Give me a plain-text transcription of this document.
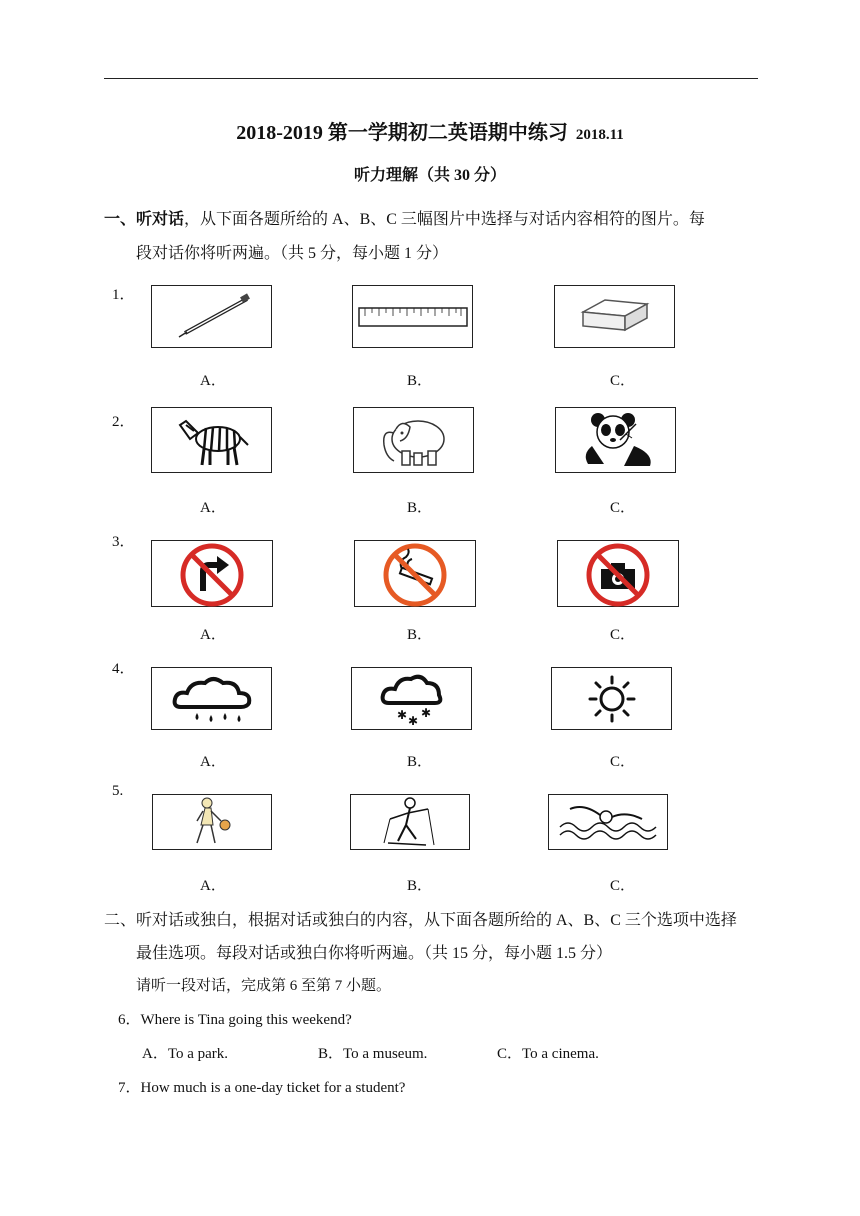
2018-2019 第一学期初二英语期中练习 2018.11
听力理解（共 30 分）
一、听对话，从下面各题所给的 A、B、C 三幅图片中选择与对话内容相符的图片。每
段对话你将听两遍。（共 5 分，每小题 1 分）
1．
A．	B．	C．
2．
A．	B．	C．
3．
A．	B．	C．
4．
✱ ✱
✱
A．	B．	C．
5.
A．	B．	C．
二、听对话或独白，根据对话或独白的内容，从下面各题所给的 A、B、C 三个选项中选择
最佳选项。每段对话或独白你将听两遍。（共 15 分，每小题 1.5 分）
请听一段对话，完成第 6 至第 7 小题。
6．Where is Tina going this weekend?
A．To a park.	B．To a museum.	C．To a cinema.
7．How much is a one-day ticket for a student?
